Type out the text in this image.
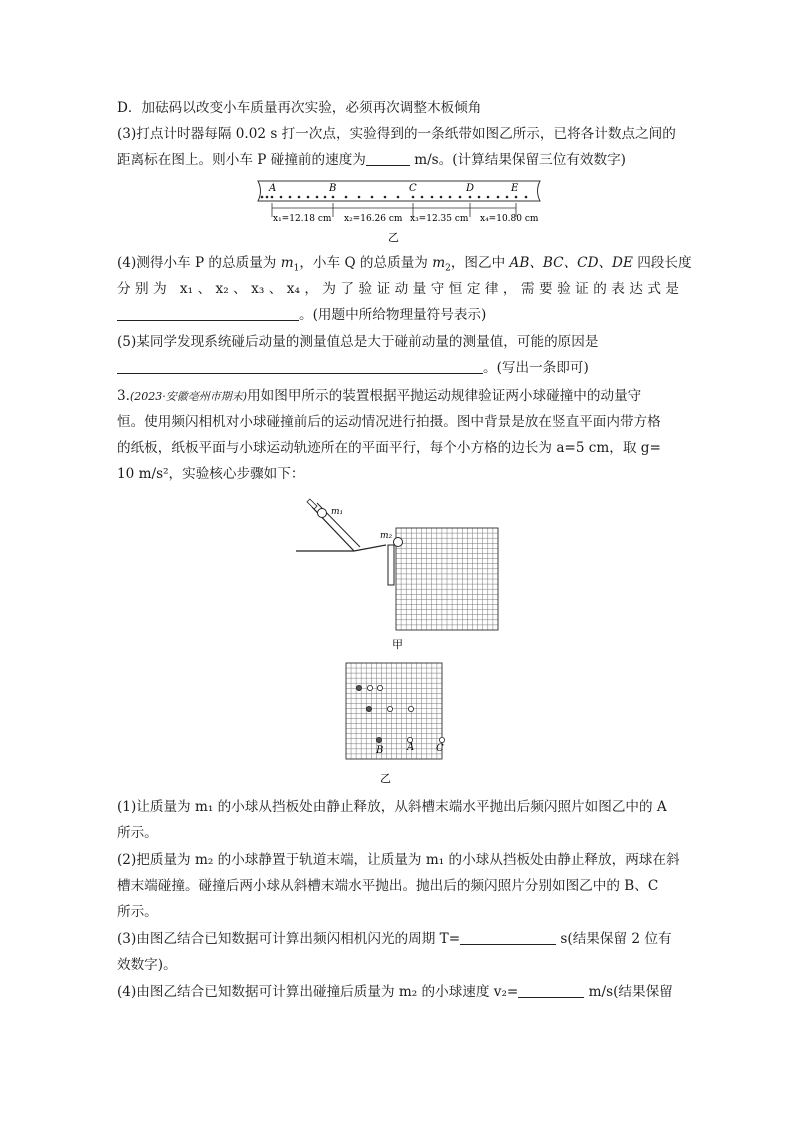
D．加砝码以改变小车质量再次实验，必须再次调整木板倾角
(3)打点计时器每隔 0.02 s 打一次点，实验得到的一条纸带如图乙所示，已将各计数点之间的
距离标在图上。则小车 P 碰撞前的速度为	m/s。(计算结果保留三位有效数字)
A	B	C	D	E
x₁=12.18 cm x₂=16.26 cm x₃=12.35 cm x₄=10.80 cm
乙
(4)测得小车 P 的总质量为 $m_1$，小车 Q 的总质量为 $m_2$，图乙中 AB、BC、CD、DE 四段长度
分别为 x₁、x₂、x₃、x₄，为了验证动量守恒定律，需要验证的表达式是
。(用题中所给物理量符号表示)
(5)某同学发现系统碰后动量的测量值总是大于碰前动量的测量值，可能的原因是
。(写出一条即可)
3.(2023·安徽亳州市期末)用如图甲所示的装置根据平抛运动规律验证两小球碰撞中的动量守
恒。使用频闪相机对小球碰撞前后的运动情况进行拍摄。图中背景是放在竖直平面内带方格
的纸板，纸板平面与小球运动轨迹所在的平面平行，每个小方格的边长为 a=5 cm，取 g=
10 m/s²，实验核心步骤如下：
m₁
m₂
甲
B A C
乙
(1)让质量为 m₁ 的小球从挡板处由静止释放，从斜槽末端水平抛出后频闪照片如图乙中的 A
所示。
(2)把质量为 m₂ 的小球静置于轨道末端，让质量为 m₁ 的小球从挡板处由静止释放，两球在斜
槽末端碰撞。碰撞后两小球从斜槽末端水平抛出。抛出后的频闪照片分别如图乙中的 B、C
所示。
(3)由图乙结合已知数据可计算出频闪相机闪光的周期 T=	s(结果保留 2 位有
效数字)。
(4)由图乙结合已知数据可计算出碰撞后质量为 m₂ 的小球速度 v₂=	m/s(结果保留
